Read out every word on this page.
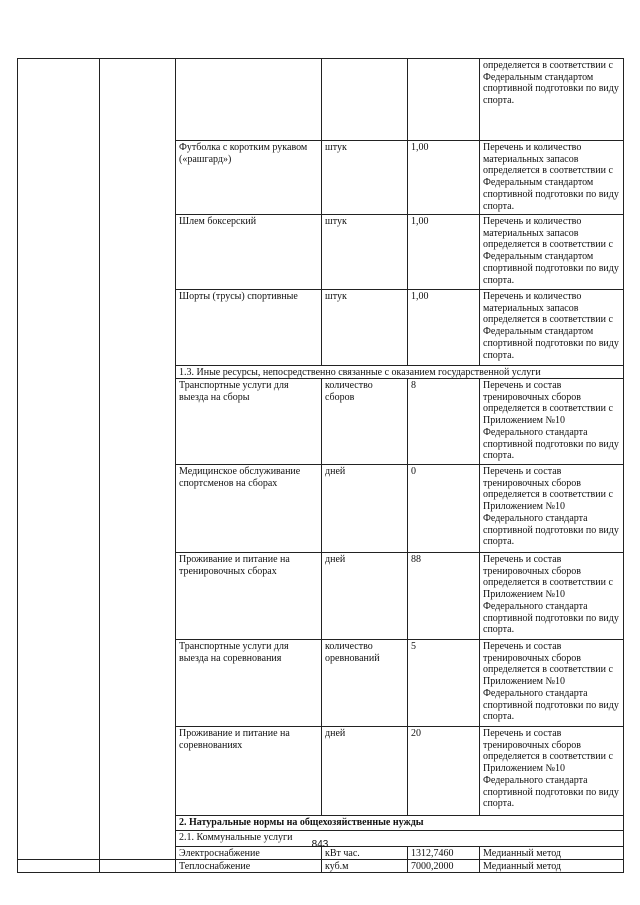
					определяется в соответствии с Федеральным стандартом спортивной подготовки по виду спорта.
		Футболка с коротким рукавом («рашгард»)	штук	1,00	Перечень и количество материальных запасов определяется в соответствии с Федеральным стандартом спортивной подготовки по виду спорта.
		Шлем боксерский	штук	1,00	Перечень и количество материальных запасов определяется в соответствии с Федеральным стандартом спортивной подготовки по виду спорта.
		Шорты (трусы) спортивные	штук	1,00	Перечень и количество материальных запасов определяется в соответствии с Федеральным стандартом спортивной подготовки по виду спорта.
		1.3. Иные ресурсы, непосредственно связанные с оказанием государственной услуги			
		Транспортные услуги для выезда на сборы	количество сборов	8	Перечень и состав тренировочных сборов определяется в соответствии с Приложением №10 Федерального стандарта спортивной подготовки по виду спорта.
		Медицинское обслуживание спортсменов на сборах	дней	0	Перечень и состав тренировочных сборов определяется в соответствии с Приложением №10 Федерального стандарта спортивной подготовки по виду спорта.
		Проживание и питание на тренировочных сборах	дней	88	Перечень и состав тренировочных сборов определяется в соответствии с Приложением №10 Федерального стандарта спортивной подготовки по виду спорта.
		Транспортные услуги для выезда на соревнования	количество оревнований	5	Перечень и состав тренировочных сборов определяется в соответствии с Приложением №10 Федерального стандарта спортивной подготовки по виду спорта.
		Проживание и питание на соревнованиях	дней	20	Перечень и состав тренировочных сборов определяется в соответствии с Приложением №10 Федерального стандарта спортивной подготовки по виду спорта.
		2. Натуральные нормы на общехозяйственные нужды			
		2.1. Коммунальные услуги			
		Электроснабжение	кВт час.	1312,7460	Медианный метод
		Теплоснабжение	куб.м	7000,2000	Медианный метод
843
